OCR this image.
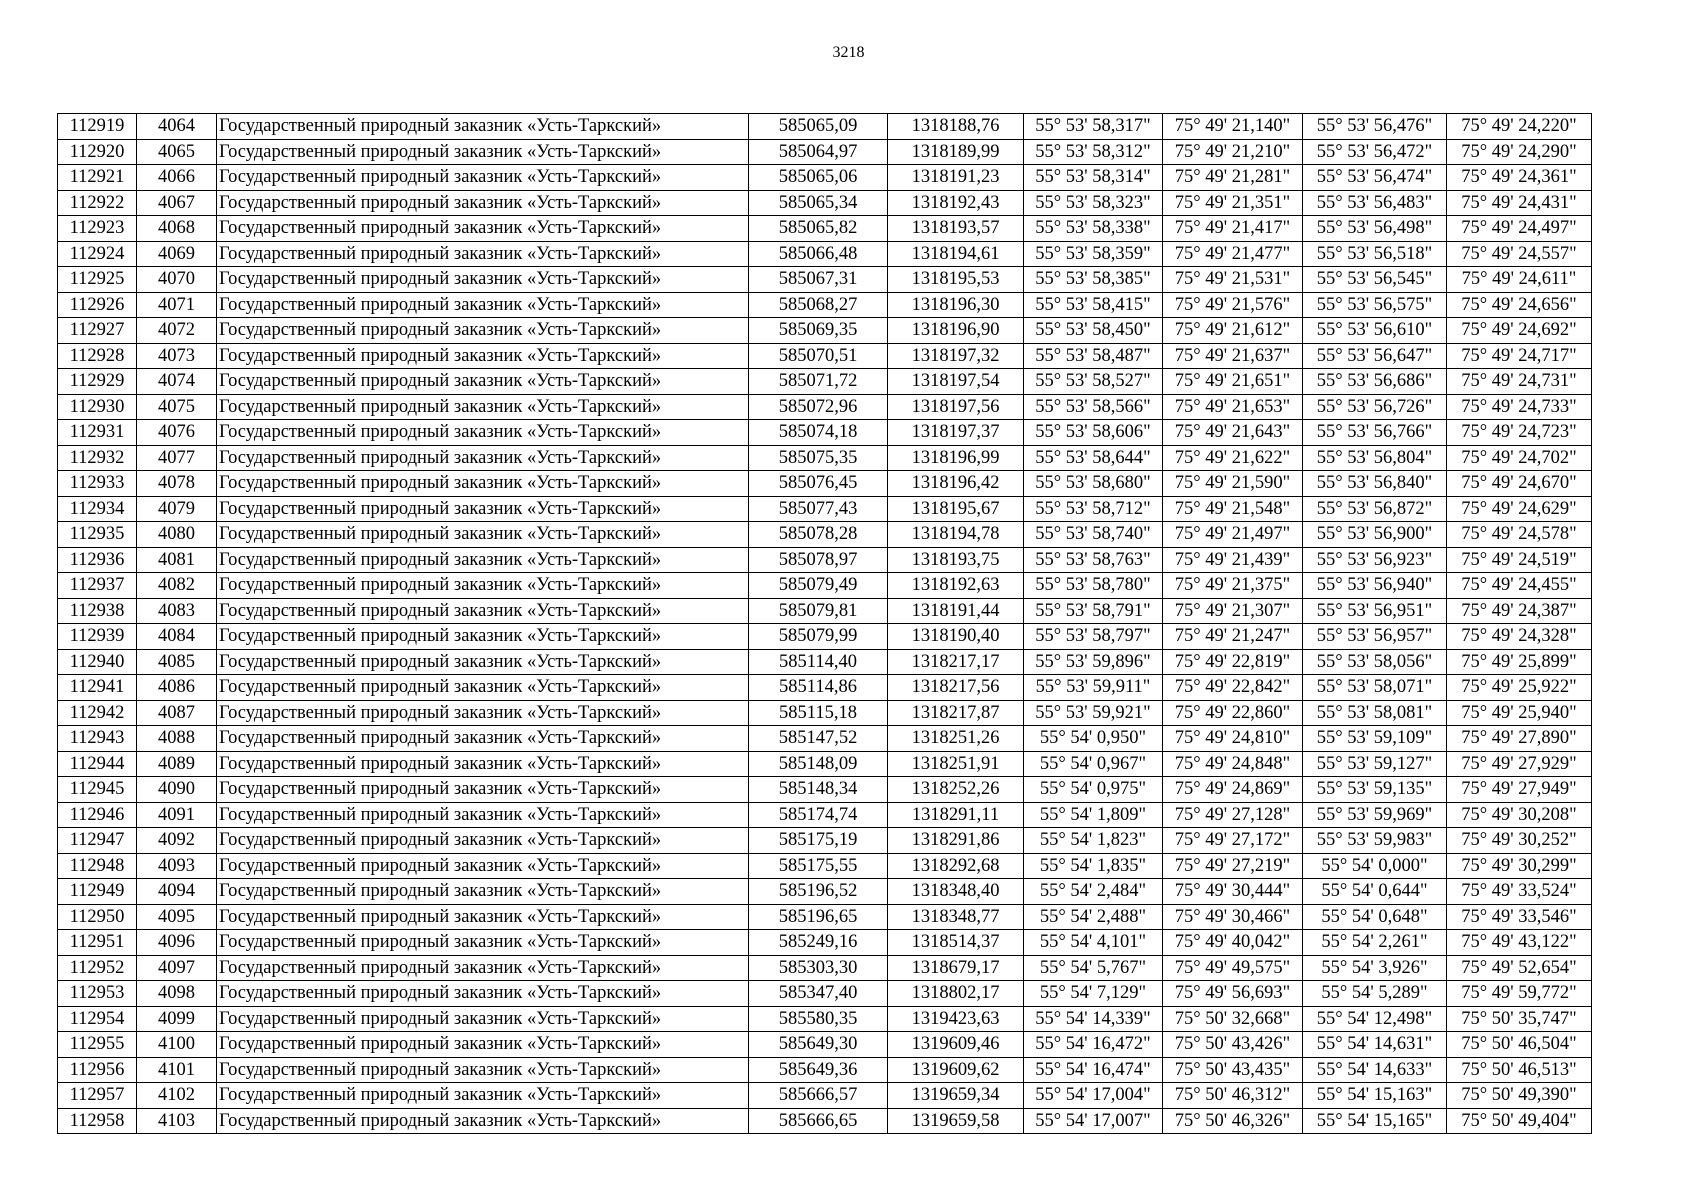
3218
112919	4064	Государственный природный заказник «Усть-Таркский»	585065,09	1318188,76	55° 53' 58,317"	75° 49' 21,140"	55° 53' 56,476"	75° 49' 24,220"
112920	4065	Государственный природный заказник «Усть-Таркский»	585064,97	1318189,99	55° 53' 58,312"	75° 49' 21,210"	55° 53' 56,472"	75° 49' 24,290"
112921	4066	Государственный природный заказник «Усть-Таркский»	585065,06	1318191,23	55° 53' 58,314"	75° 49' 21,281"	55° 53' 56,474"	75° 49' 24,361"
112922	4067	Государственный природный заказник «Усть-Таркский»	585065,34	1318192,43	55° 53' 58,323"	75° 49' 21,351"	55° 53' 56,483"	75° 49' 24,431"
112923	4068	Государственный природный заказник «Усть-Таркский»	585065,82	1318193,57	55° 53' 58,338"	75° 49' 21,417"	55° 53' 56,498"	75° 49' 24,497"
112924	4069	Государственный природный заказник «Усть-Таркский»	585066,48	1318194,61	55° 53' 58,359"	75° 49' 21,477"	55° 53' 56,518"	75° 49' 24,557"
112925	4070	Государственный природный заказник «Усть-Таркский»	585067,31	1318195,53	55° 53' 58,385"	75° 49' 21,531"	55° 53' 56,545"	75° 49' 24,611"
112926	4071	Государственный природный заказник «Усть-Таркский»	585068,27	1318196,30	55° 53' 58,415"	75° 49' 21,576"	55° 53' 56,575"	75° 49' 24,656"
112927	4072	Государственный природный заказник «Усть-Таркский»	585069,35	1318196,90	55° 53' 58,450"	75° 49' 21,612"	55° 53' 56,610"	75° 49' 24,692"
112928	4073	Государственный природный заказник «Усть-Таркский»	585070,51	1318197,32	55° 53' 58,487"	75° 49' 21,637"	55° 53' 56,647"	75° 49' 24,717"
112929	4074	Государственный природный заказник «Усть-Таркский»	585071,72	1318197,54	55° 53' 58,527"	75° 49' 21,651"	55° 53' 56,686"	75° 49' 24,731"
112930	4075	Государственный природный заказник «Усть-Таркский»	585072,96	1318197,56	55° 53' 58,566"	75° 49' 21,653"	55° 53' 56,726"	75° 49' 24,733"
112931	4076	Государственный природный заказник «Усть-Таркский»	585074,18	1318197,37	55° 53' 58,606"	75° 49' 21,643"	55° 53' 56,766"	75° 49' 24,723"
112932	4077	Государственный природный заказник «Усть-Таркский»	585075,35	1318196,99	55° 53' 58,644"	75° 49' 21,622"	55° 53' 56,804"	75° 49' 24,702"
112933	4078	Государственный природный заказник «Усть-Таркский»	585076,45	1318196,42	55° 53' 58,680"	75° 49' 21,590"	55° 53' 56,840"	75° 49' 24,670"
112934	4079	Государственный природный заказник «Усть-Таркский»	585077,43	1318195,67	55° 53' 58,712"	75° 49' 21,548"	55° 53' 56,872"	75° 49' 24,629"
112935	4080	Государственный природный заказник «Усть-Таркский»	585078,28	1318194,78	55° 53' 58,740"	75° 49' 21,497"	55° 53' 56,900"	75° 49' 24,578"
112936	4081	Государственный природный заказник «Усть-Таркский»	585078,97	1318193,75	55° 53' 58,763"	75° 49' 21,439"	55° 53' 56,923"	75° 49' 24,519"
112937	4082	Государственный природный заказник «Усть-Таркский»	585079,49	1318192,63	55° 53' 58,780"	75° 49' 21,375"	55° 53' 56,940"	75° 49' 24,455"
112938	4083	Государственный природный заказник «Усть-Таркский»	585079,81	1318191,44	55° 53' 58,791"	75° 49' 21,307"	55° 53' 56,951"	75° 49' 24,387"
112939	4084	Государственный природный заказник «Усть-Таркский»	585079,99	1318190,40	55° 53' 58,797"	75° 49' 21,247"	55° 53' 56,957"	75° 49' 24,328"
112940	4085	Государственный природный заказник «Усть-Таркский»	585114,40	1318217,17	55° 53' 59,896"	75° 49' 22,819"	55° 53' 58,056"	75° 49' 25,899"
112941	4086	Государственный природный заказник «Усть-Таркский»	585114,86	1318217,56	55° 53' 59,911"	75° 49' 22,842"	55° 53' 58,071"	75° 49' 25,922"
112942	4087	Государственный природный заказник «Усть-Таркский»	585115,18	1318217,87	55° 53' 59,921"	75° 49' 22,860"	55° 53' 58,081"	75° 49' 25,940"
112943	4088	Государственный природный заказник «Усть-Таркский»	585147,52	1318251,26	55° 54' 0,950"	75° 49' 24,810"	55° 53' 59,109"	75° 49' 27,890"
112944	4089	Государственный природный заказник «Усть-Таркский»	585148,09	1318251,91	55° 54' 0,967"	75° 49' 24,848"	55° 53' 59,127"	75° 49' 27,929"
112945	4090	Государственный природный заказник «Усть-Таркский»	585148,34	1318252,26	55° 54' 0,975"	75° 49' 24,869"	55° 53' 59,135"	75° 49' 27,949"
112946	4091	Государственный природный заказник «Усть-Таркский»	585174,74	1318291,11	55° 54' 1,809"	75° 49' 27,128"	55° 53' 59,969"	75° 49' 30,208"
112947	4092	Государственный природный заказник «Усть-Таркский»	585175,19	1318291,86	55° 54' 1,823"	75° 49' 27,172"	55° 53' 59,983"	75° 49' 30,252"
112948	4093	Государственный природный заказник «Усть-Таркский»	585175,55	1318292,68	55° 54' 1,835"	75° 49' 27,219"	55° 54' 0,000"	75° 49' 30,299"
112949	4094	Государственный природный заказник «Усть-Таркский»	585196,52	1318348,40	55° 54' 2,484"	75° 49' 30,444"	55° 54' 0,644"	75° 49' 33,524"
112950	4095	Государственный природный заказник «Усть-Таркский»	585196,65	1318348,77	55° 54' 2,488"	75° 49' 30,466"	55° 54' 0,648"	75° 49' 33,546"
112951	4096	Государственный природный заказник «Усть-Таркский»	585249,16	1318514,37	55° 54' 4,101"	75° 49' 40,042"	55° 54' 2,261"	75° 49' 43,122"
112952	4097	Государственный природный заказник «Усть-Таркский»	585303,30	1318679,17	55° 54' 5,767"	75° 49' 49,575"	55° 54' 3,926"	75° 49' 52,654"
112953	4098	Государственный природный заказник «Усть-Таркский»	585347,40	1318802,17	55° 54' 7,129"	75° 49' 56,693"	55° 54' 5,289"	75° 49' 59,772"
112954	4099	Государственный природный заказник «Усть-Таркский»	585580,35	1319423,63	55° 54' 14,339"	75° 50' 32,668"	55° 54' 12,498"	75° 50' 35,747"
112955	4100	Государственный природный заказник «Усть-Таркский»	585649,30	1319609,46	55° 54' 16,472"	75° 50' 43,426"	55° 54' 14,631"	75° 50' 46,504"
112956	4101	Государственный природный заказник «Усть-Таркский»	585649,36	1319609,62	55° 54' 16,474"	75° 50' 43,435"	55° 54' 14,633"	75° 50' 46,513"
112957	4102	Государственный природный заказник «Усть-Таркский»	585666,57	1319659,34	55° 54' 17,004"	75° 50' 46,312"	55° 54' 15,163"	75° 50' 49,390"
112958	4103	Государственный природный заказник «Усть-Таркский»	585666,65	1319659,58	55° 54' 17,007"	75° 50' 46,326"	55° 54' 15,165"	75° 50' 49,404"
